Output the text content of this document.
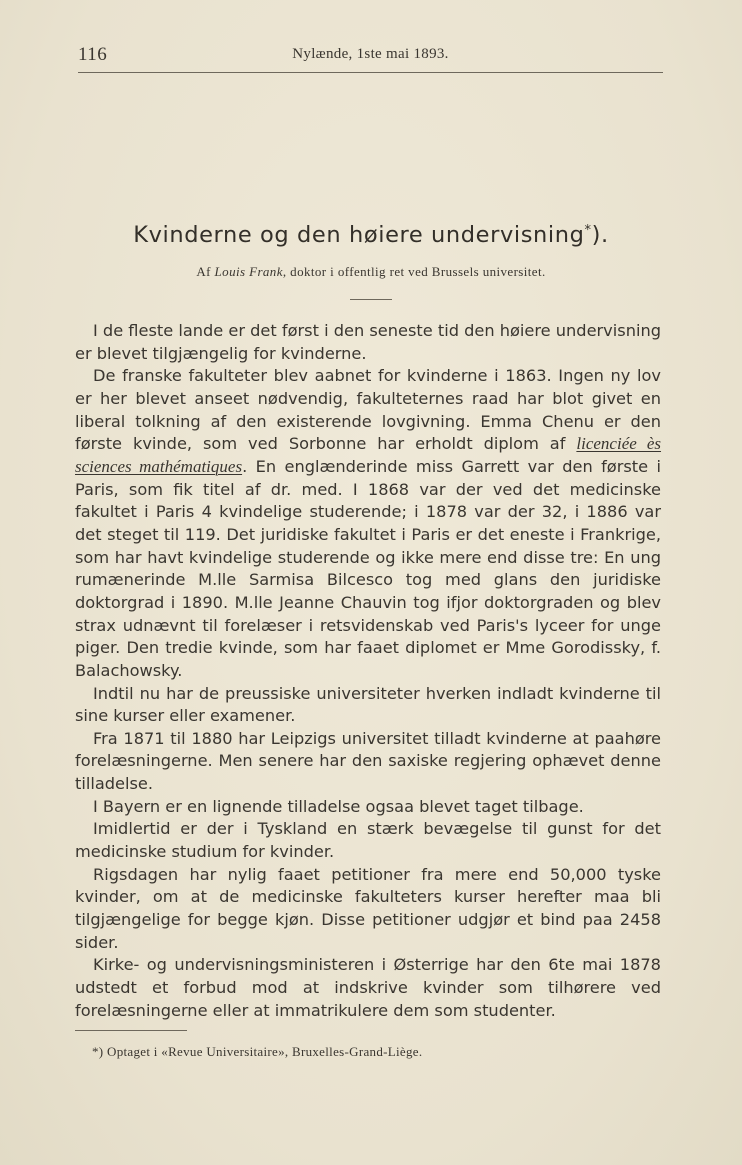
116	Nylænde, 1ste mai 1893.
Kvinderne og den høiere undervisning*).
Af Louis Frank, doktor i offentlig ret ved Brussels universitet.

I de fleste lande er det først i den seneste tid den høiere undervisning er blevet tilgjængelig for kvinderne.

De franske fakulteter blev aabnet for kvinderne i 1863. Ingen ny lov er her blevet anseet nødvendig, fakulteternes raad har blot givet en liberal tolkning af den existerende lovgivning. Emma Chenu er den første kvinde, som ved Sorbonne har erholdt diplom af licenciée ès sciences mathématiques. En englænderinde miss Garrett var den første i Paris, som fik titel af dr. med. I 1868 var der ved det medicinske fakultet i Paris 4 kvindelige studerende; i 1878 var der 32, i 1886 var det steget til 119. Det juridiske fakultet i Paris er det eneste i Frankrige, som har havt kvindelige studerende og ikke mere end disse tre: En ung rumænerinde M.lle Sarmisa Bilcesco tog med glans den juridiske doktorgrad i 1890. M.lle Jeanne Chauvin tog ifjor doktorgraden og blev strax udnævnt til forelæser i retsvidenskab ved Paris's lyceer for unge piger. Den tredie kvinde, som har faaet diplomet er Mme Gorodissky, f. Balachowsky.

Indtil nu har de preussiske universiteter hverken indladt kvinderne til sine kurser eller examener.

Fra 1871 til 1880 har Leipzigs universitet tilladt kvinderne at paahøre forelæsningerne. Men senere har den saxiske regjering ophævet denne tilladelse.

I Bayern er en lignende tilladelse ogsaa blevet taget tilbage.

Imidlertid er der i Tyskland en stærk bevægelse til gunst for det medicinske studium for kvinder.

Rigsdagen har nylig faaet petitioner fra mere end 50,000 tyske kvinder, om at de medicinske fakulteters kurser herefter maa bli tilgjængelige for begge kjøn. Disse petitioner udgjør et bind paa 2458 sider.

Kirke- og undervisningsministeren i Østerrige har den 6te mai 1878 udstedt et forbud mod at indskrive kvinder som tilhørere ved forelæsningerne eller at immatrikulere dem som studenter.

*) Optaget i «Revue Universitaire», Bruxelles-Grand-Liège.
